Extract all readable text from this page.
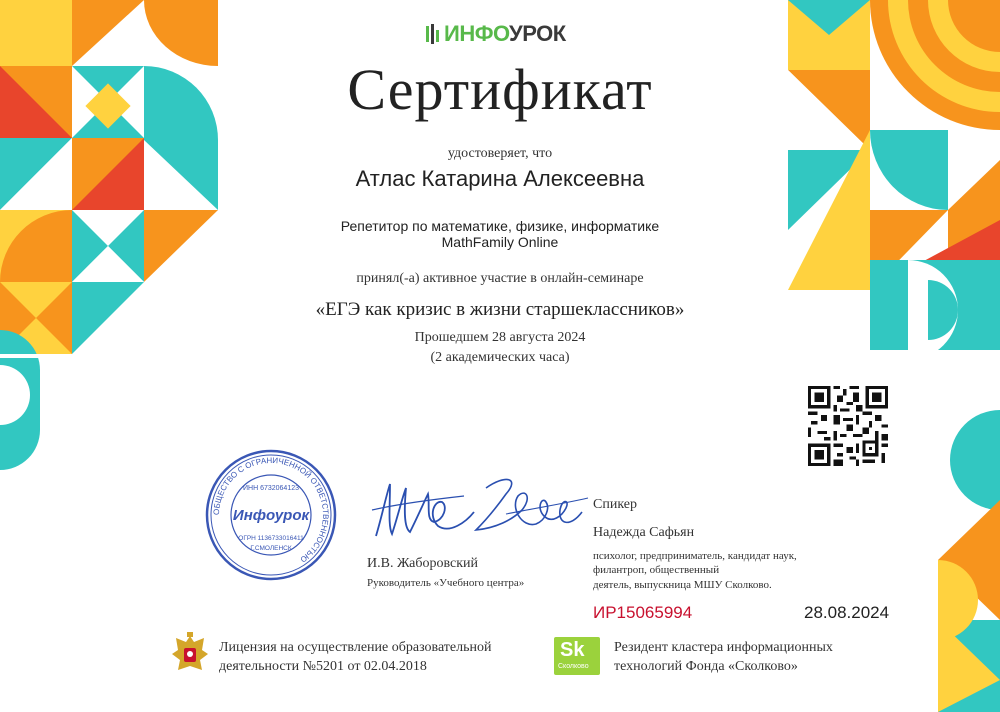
ИНФОУРОК
Сертификат
удостоверяет, что
Атлас Катарина Алексеевна
Репетитор по математике, физике, информатике
MathFamily Online
принял(-а) активное участие в онлайн-семинаре
«ЕГЭ как кризис в жизни старшеклассников»
Прошедшем 28 августа 2024
(2 академических часа)
ОБЩЕСТВО С ОГРАНИЧЕННОЙ ОТВЕТСТВЕННОСТЬЮ
ИНН 6732064123
Инфоурок
ОГРН 1136733016411
Г.СМОЛЕНСК
И.В. Жаборовский
Руководитель «Учебного центра»
Спикер
Надежда Сафьян
психолог, предприниматель, кандидат наук,
филантроп, общественный
деятель, выпускница МШУ Сколково.
ИР15065994	28.08.2024
Лицензия на осуществление образовательной
деятельности №5201 от 02.04.2018
Sk
Сколково
Резидент кластера информационных
технологий Фонда «Сколково»
